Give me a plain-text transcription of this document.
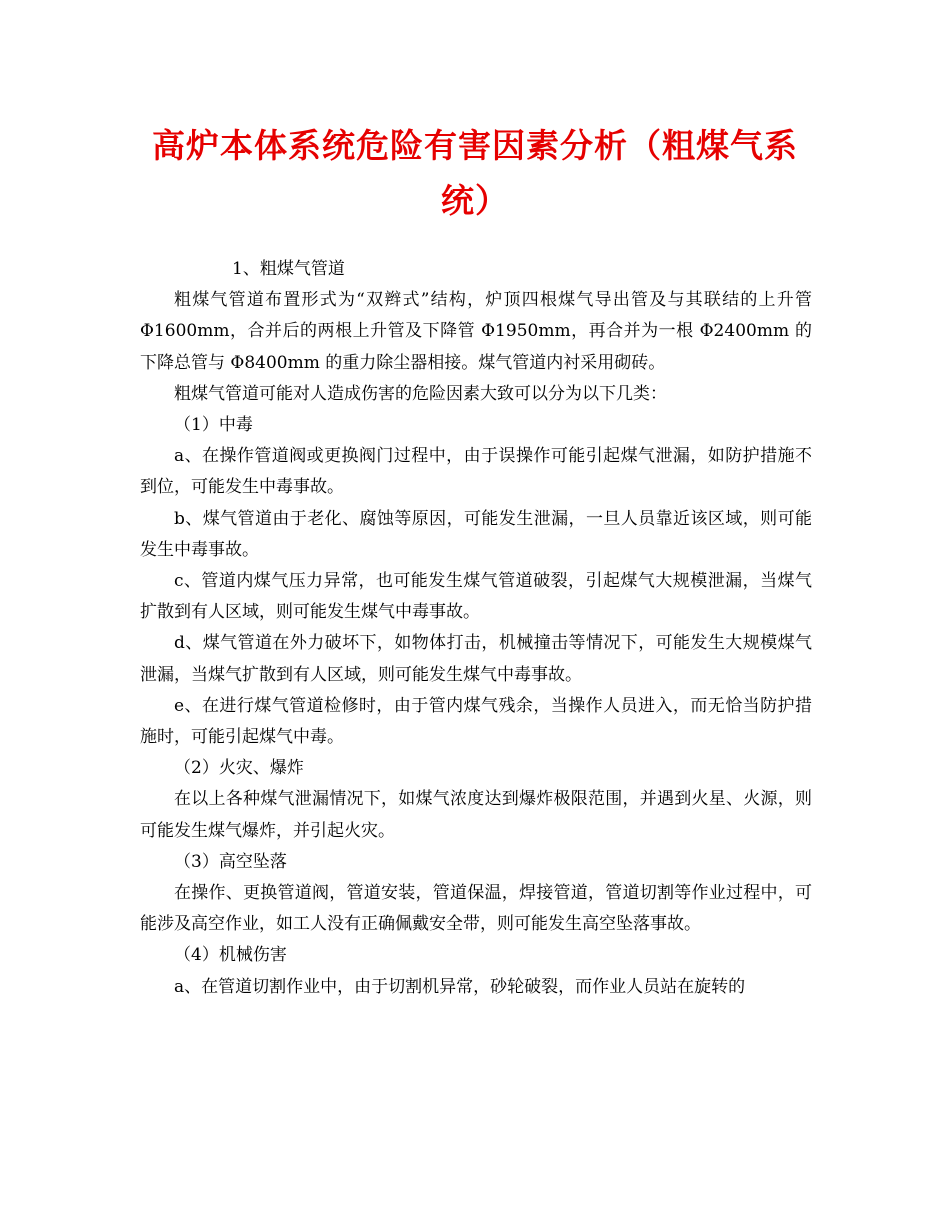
高炉本体系统危险有害因素分析（粗煤气系统）

1、粗煤气管道

粗煤气管道布置形式为“双辫式”结构，炉顶四根煤气导出管及与其联结的上升管 Φ1600mm，合并后的两根上升管及下降管 Φ1950mm，再合并为一根 Φ2400mm 的下降总管与 Φ8400mm 的重力除尘器相接。煤气管道内衬采用砌砖。

粗煤气管道可能对人造成伤害的危险因素大致可以分为以下几类：

（1）中毒

a、在操作管道阀或更换阀门过程中，由于误操作可能引起煤气泄漏，如防护措施不到位，可能发生中毒事故。

b、煤气管道由于老化、腐蚀等原因，可能发生泄漏，一旦人员靠近该区域，则可能发生中毒事故。

c、管道内煤气压力异常，也可能发生煤气管道破裂，引起煤气大规模泄漏，当煤气扩散到有人区域，则可能发生煤气中毒事故。

d、煤气管道在外力破坏下，如物体打击，机械撞击等情况下，可能发生大规模煤气泄漏，当煤气扩散到有人区域，则可能发生煤气中毒事故。

e、在进行煤气管道检修时，由于管内煤气残余，当操作人员进入，而无恰当防护措施时，可能引起煤气中毒。

（2）火灾、爆炸

在以上各种煤气泄漏情况下，如煤气浓度达到爆炸极限范围，并遇到火星、火源，则可能发生煤气爆炸，并引起火灾。

（3）高空坠落

在操作、更换管道阀，管道安装，管道保温，焊接管道，管道切割等作业过程中，可能涉及高空作业，如工人没有正确佩戴安全带，则可能发生高空坠落事故。

（4）机械伤害

a、在管道切割作业中，由于切割机异常，砂轮破裂，而作业人员站在旋转的
